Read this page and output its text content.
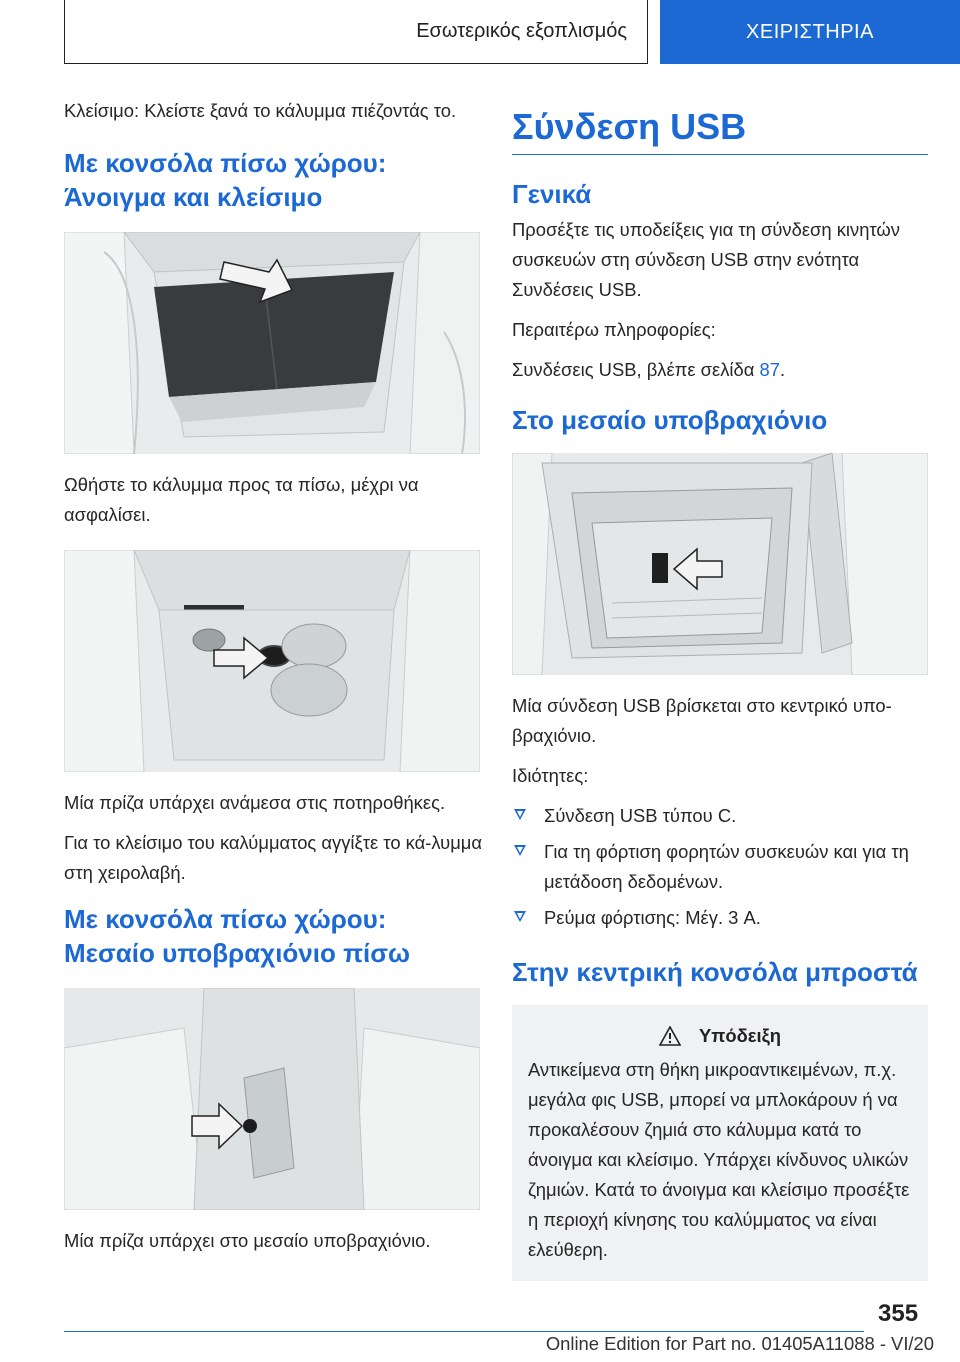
Εσωτερικός εξοπλισμός	ΧΕΙΡΙΣΤΗΡΙΑ

Κλείσιμο: Κλείστε ξανά το κάλυμμα πιέζοντάς το.

Με κονσόλα πίσω χώρου: Άνοιγμα και κλείσιμο

Ωθήστε το κάλυμμα προς τα πίσω, μέχρι να ασφαλίσει.

Μία πρίζα υπάρχει ανάμεσα στις ποτηροθήκες.

Για το κλείσιμο του καλύμματος αγγίξτε το κά-λυμμα στη χειρολαβή.

Με κονσόλα πίσω χώρου: Μεσαίο υποβραχιόνιο πίσω

Μία πρίζα υπάρχει στο μεσαίο υποβραχιόνιο.

Σύνδεση USB
Γενικά

Προσέξτε τις υποδείξεις για τη σύνδεση κινητών συσκευών στη σύνδεση USB στην ενότητα Συνδέσεις USB.

Περαιτέρω πληροφορίες:

Συνδέσεις USB, βλέπε σελίδα 87.

Στο μεσαίο υποβραχιόνιο

Μία σύνδεση USB βρίσκεται στο κεντρικό υπο-βραχιόνιο.

Ιδιότητες:

Σύνδεση USB τύπου C.
Για τη φόρτιση φορητών συσκευών και για τη μετάδοση δεδομένων.
Ρεύμα φόρτισης: Μέγ. 3 A.
Στην κεντρική κονσόλα μπροστά
Υπόδειξη

Αντικείμενα στη θήκη μικροαντικειμένων, π.χ. μεγάλα φις USB, μπορεί να μπλοκάρουν ή να προκαλέσουν ζημιά στο κάλυμμα κατά το άνοιγμα και κλείσιμο. Υπάρχει κίνδυνος υλικών ζημιών. Κατά το άνοιγμα και κλείσιμο προσέξτε η περιοχή κίνησης του καλύμματος να είναι ελεύθερη.

355
Online Edition for Part no. 01405A11088 - VI/20
